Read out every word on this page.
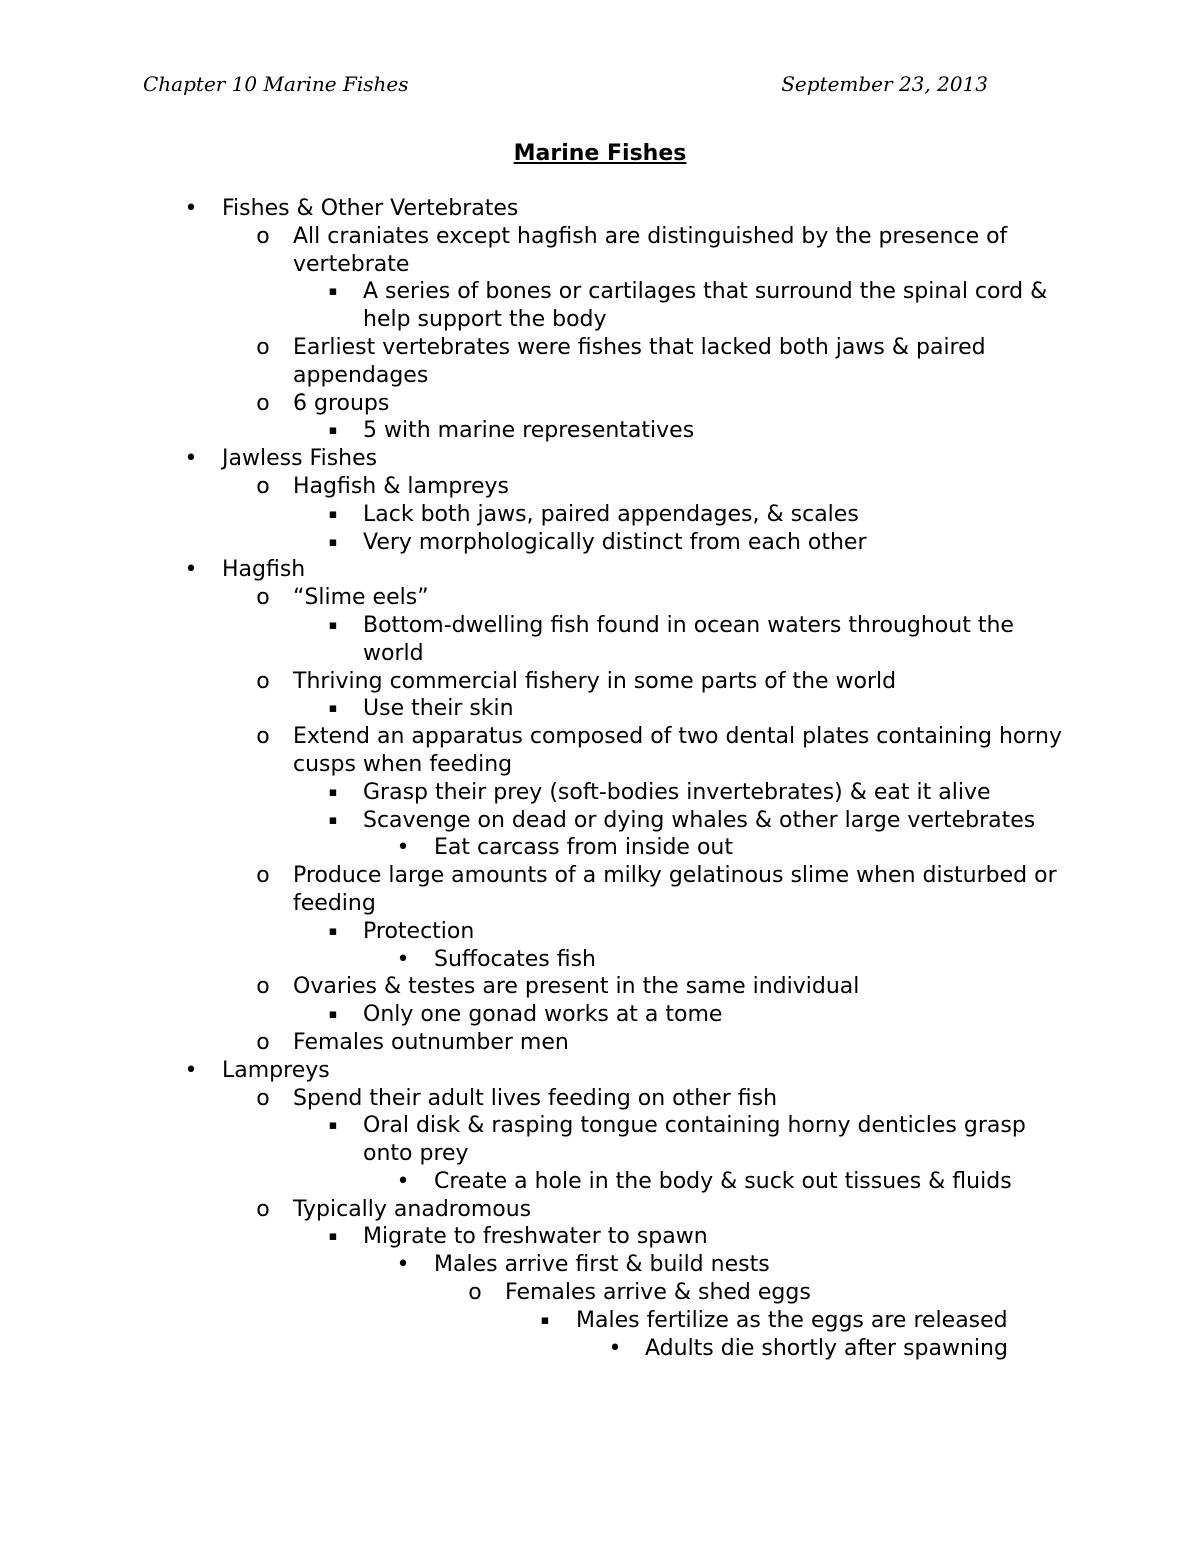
Chapter 10 Marine Fishes	September 23, 2013
Marine Fishes
• Fishes & Other Vertebrates
o All craniates except hagfish are distinguished by the presence of vertebrate
▪ A series of bones or cartilages that surround the spinal cord & help support the body
o Earliest vertebrates were fishes that lacked both jaws & paired appendages
o 6 groups
▪ 5 with marine representatives
• Jawless Fishes
o Hagfish & lampreys
▪ Lack both jaws, paired appendages, & scales
▪ Very morphologically distinct from each other
• Hagfish
o “Slime eels”
▪ Bottom-dwelling fish found in ocean waters throughout the world
o Thriving commercial fishery in some parts of the world
▪ Use their skin
o Extend an apparatus composed of two dental plates containing horny cusps when feeding
▪ Grasp their prey (soft-bodies invertebrates) & eat it alive
▪ Scavenge on dead or dying whales & other large vertebrates
• Eat carcass from inside out
o Produce large amounts of a milky gelatinous slime when disturbed or feeding
▪ Protection
• Suffocates fish
o Ovaries & testes are present in the same individual
▪ Only one gonad works at a tome
o Females outnumber men
• Lampreys
o Spend their adult lives feeding on other fish
▪ Oral disk & rasping tongue containing horny denticles grasp onto prey
• Create a hole in the body & suck out tissues & fluids
o Typically anadromous
▪ Migrate to freshwater to spawn
• Males arrive first & build nests
o Females arrive & shed eggs
▪ Males fertilize as the eggs are released
• Adults die shortly after spawning
